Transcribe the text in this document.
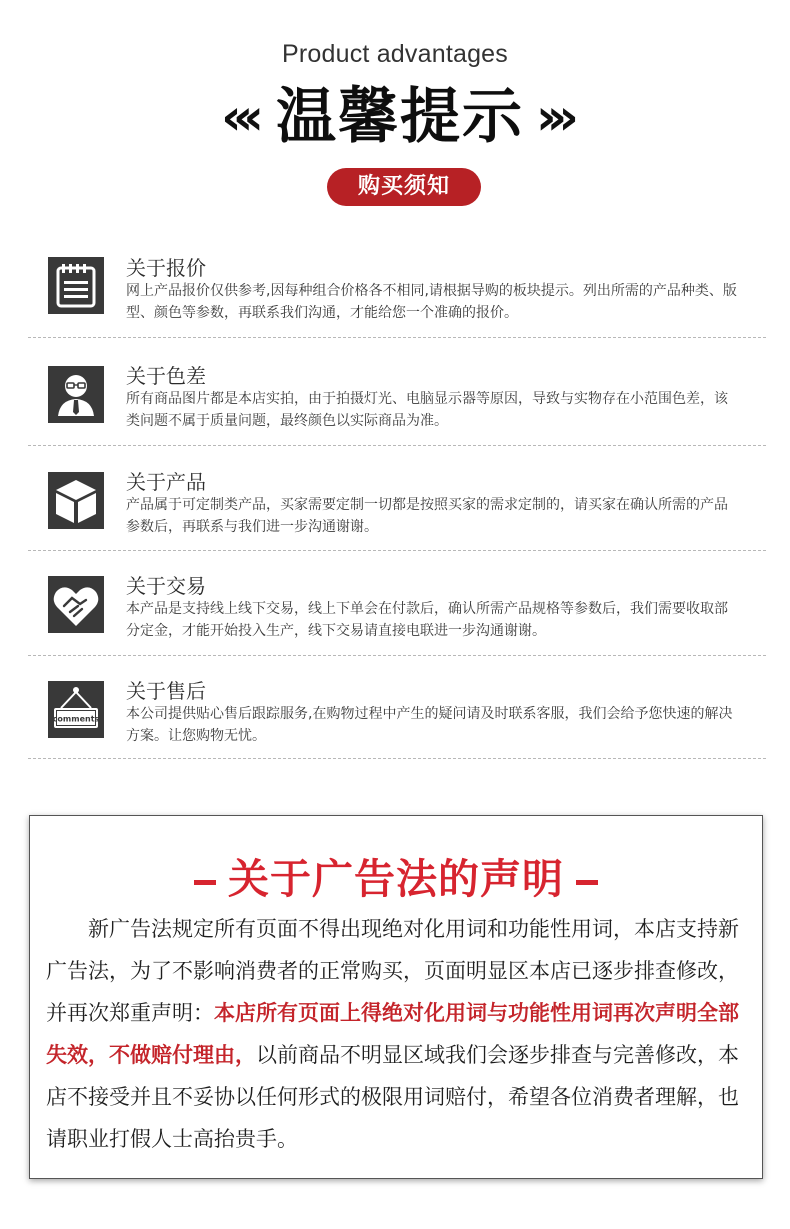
Product advantages
«‹ 温馨提示 ›»
购买须知
关于报价
网上产品报价仅供参考,因每种组合价格各不相同,请根据导购的板块提示。列出所需的产品种类、版型、颜色等参数，再联系我们沟通，才能给您一个准确的报价。
关于色差
所有商品图片都是本店实拍，由于拍摄灯光、电脑显示器等原因，导致与实物存在小范围色差，该类问题不属于质量问题，最终颜色以实际商品为准。
关于产品
产品属于可定制类产品，买家需要定制一切都是按照买家的需求定制的，请买家在确认所需的产品参数后，再联系与我们进一步沟通谢谢。
关于交易
本产品是支持线上线下交易，线上下单会在付款后，确认所需产品规格等参数后，我们需要收取部分定金，才能开始投入生产，线下交易请直接电联进一步沟通谢谢。
comments
关于售后
本公司提供贴心售后跟踪服务,在购物过程中产生的疑问请及时联系客服，我们会给予您快速的解决方案。让您购物无忧。
关于广告法的声明
　　新广告法规定所有页面不得出现绝对化用词和功能性用词，本店支持新广告法，为了不影响消费者的正常购买，页面明显区本店已逐步排查修改，并再次郑重声明：本店所有页面上得绝对化用词与功能性用词再次声明全部失效，不做赔付理由，以前商品不明显区域我们会逐步排查与完善修改，本店不接受并且不妥协以任何形式的极限用词赔付，希望各位消费者理解，也请职业打假人士高抬贵手。
